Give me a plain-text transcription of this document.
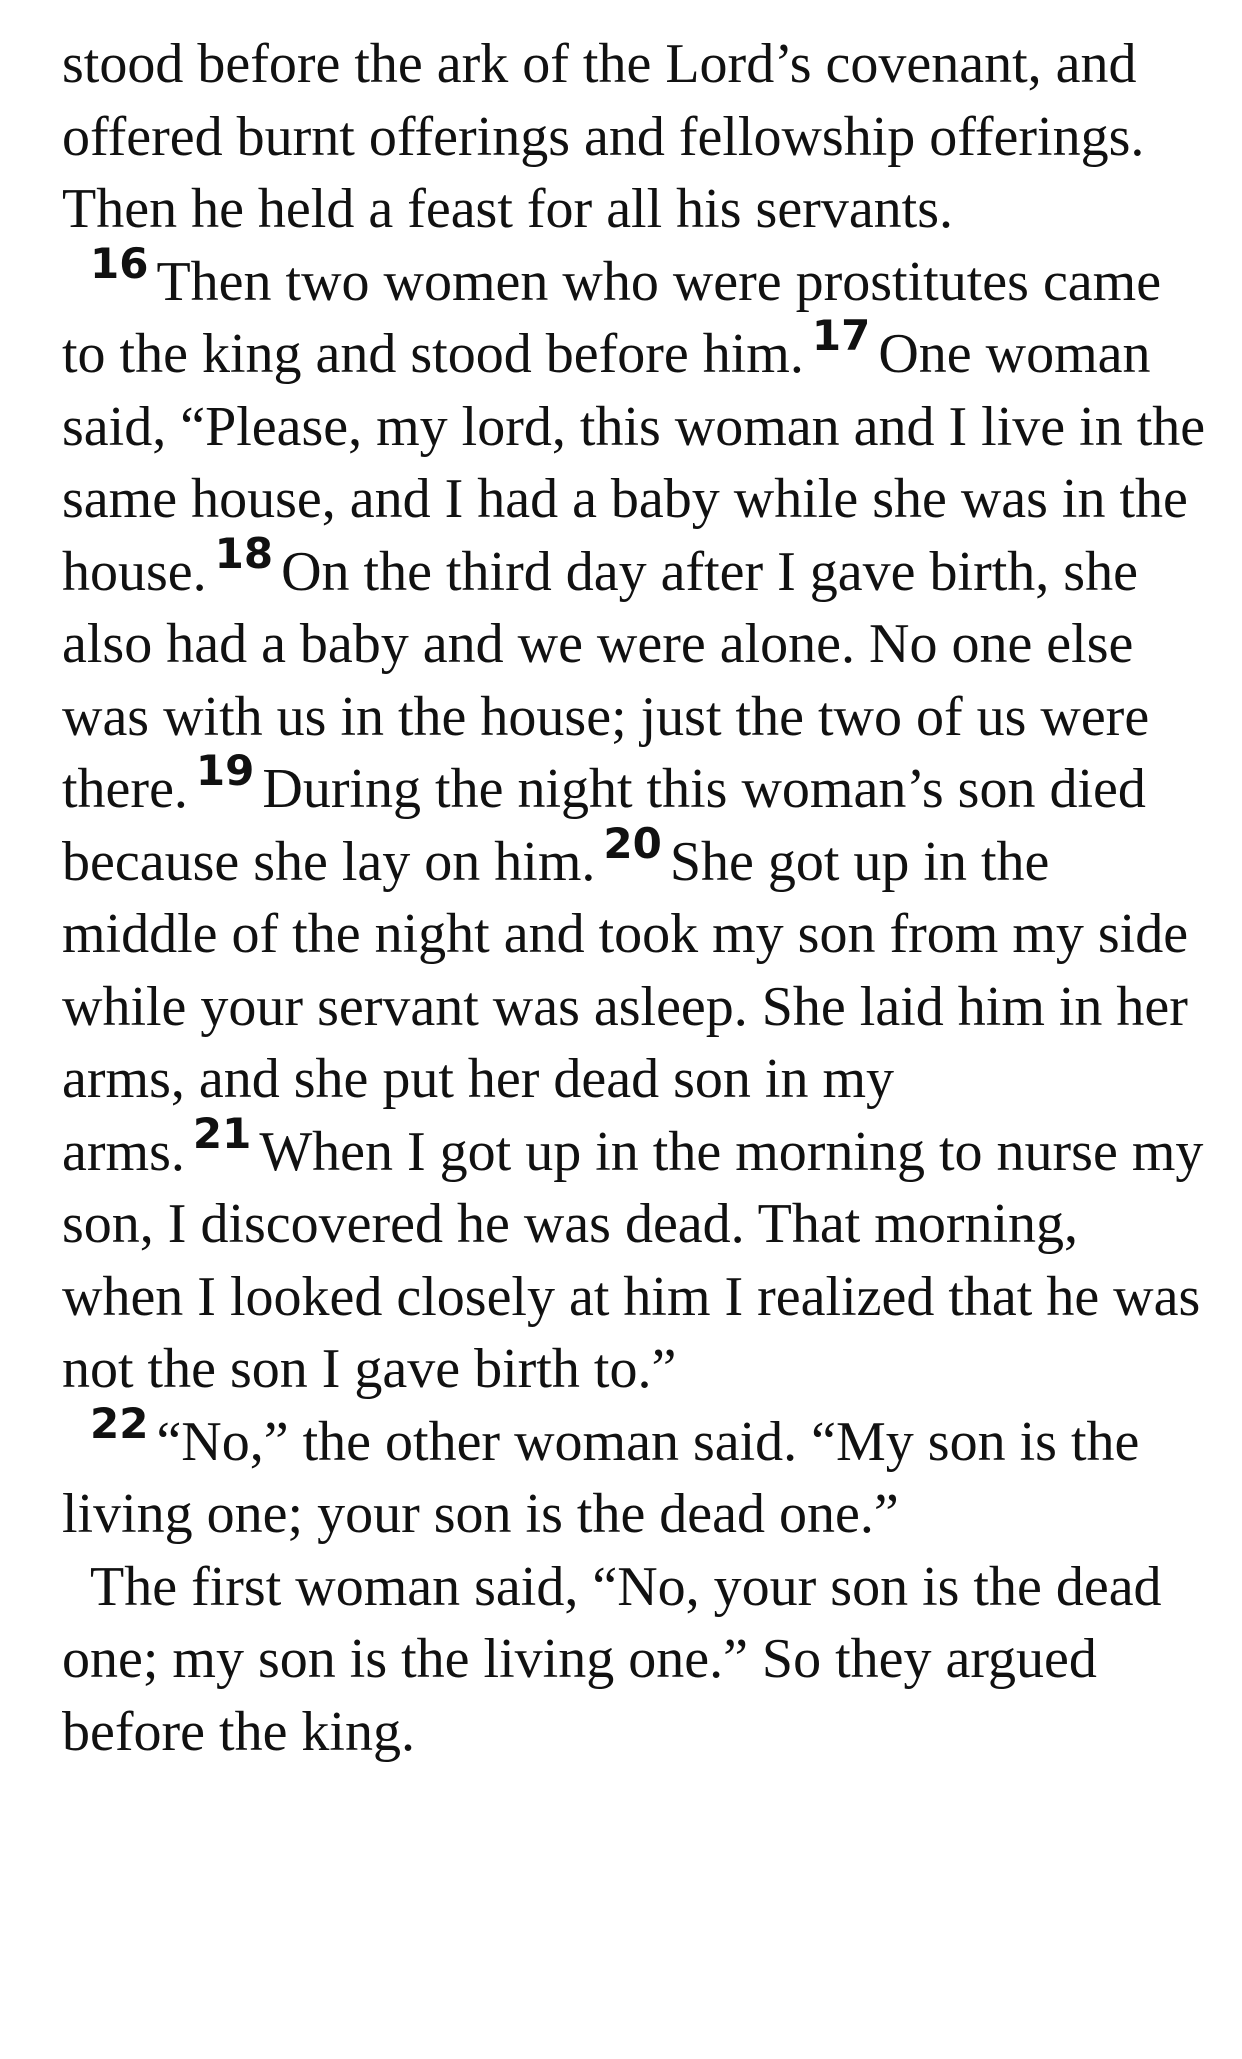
stood before the ark of the Lord’s covenant, and offered burnt offerings and fellowship offerings. Then he held a feast for all his servants.

$^{16}$ Then two women who were prostitutes came to the king and stood before him. $^{17}$ One woman said, “Please, my lord, this woman and I live in the same house, and I had a baby while she was in the house. $^{18}$ On the third day after I gave birth, she also had a baby and we were alone. No one else was with us in the house; just the two of us were there. $^{19}$ During the night this woman’s son died because she lay on him. $^{20}$ She got up in the middle of the night and took my son from my side while your servant was asleep. She laid him in her arms, and she put her dead son in my arms. $^{21}$ When I got up in the morning to nurse my son, I discovered he was dead. That morning, when I looked closely at him I realized that he was not the son I gave birth to.”

$^{22}$ “No,” the other woman said. “My son is the living one; your son is the dead one.”

The first woman said, “No, your son is the dead one; my son is the living one.” So they argued before the king.
